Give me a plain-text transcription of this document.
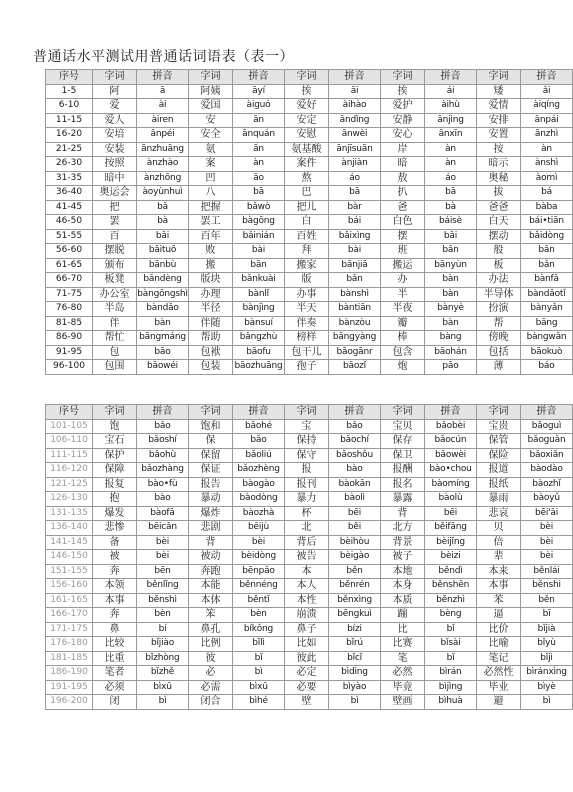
普通话水平测试用普通话词语表（表一）
序号	字词	拼音	字词	拼音	字词	拼音	字词	拼音	字词	拼音
1-5	阿	ā	阿姨	āyí	挨	āi	挨	ái	矮	ǎi
6-10	爱	ài	爱国	àiguó	爱好	àihào	爱护	àihù	爱情	àiqíng
11-15	爱人	àiren	安	ān	安定	āndìng	安静	ānjìng	安排	ānpái
16-20	安培	ānpéi	安全	ānquán	安慰	ānwèi	安心	ānxīn	安置	ānzhì
21-25	安装	ānzhuāng	氨	ān	氨基酸	ānjīsuān	岸	àn	按	àn
26-30	按照	ànzhào	案	àn	案件	ànjiàn	暗	àn	暗示	ànshì
31-35	暗中	ànzhōng	凹	āo	熬	áo	敖	áo	奥秘	àomì
36-40	奥运会	àoyùnhuì	八	bā	巴	bā	扒	bā	拔	bá
41-45	把	bǎ	把握	bǎwò	把儿	bàr	爸	bà	爸爸	bàba
46-50	罢	bà	罢工	bàgōng	白	bái	白色	báisè	白天	bái•tiān
51-55	百	bǎi	百年	bǎinián	百姓	bǎixìng	摆	bǎi	摆动	bǎidòng
56-60	摆脱	bǎituō	败	bài	拜	bài	班	bān	般	bān
61-65	颁布	bānbù	搬	bān	搬家	bānjiā	搬运	bānyùn	板	bǎn
66-70	板凳	bǎndèng	版块	bǎnkuài	版	bǎn	办	bàn	办法	bànfǎ
71-75	办公室	bàngōngshì	办理	bànlǐ	办事	bànshì	半	bàn	半导体	bàndǎotǐ
76-80	半岛	bàndǎo	半径	bànjìng	半天	bàntiān	半夜	bànyè	扮演	bànyǎn
81-85	伴	bàn	伴随	bànsuí	伴奏	bànzòu	瓣	bàn	帮	bāng
86-90	帮忙	bāngmáng	帮助	bāngzhù	榜样	bǎngyàng	棒	bàng	傍晚	bàngwǎn
91-95	包	bāo	包袱	bāofu	包干儿	bāogānr	包含	bāohán	包括	bāokuò
96-100	包围	bāowéi	包装	bāozhuāng	孢子	bāozǐ	炮	pāo	薄	báo
序号	字词	拼音	字词	拼音	字词	拼音	字词	拼音	字词	拼音
101-105	饱	bǎo	饱和	bǎohé	宝	bǎo	宝贝	bǎobèi	宝贵	bǎoguì
106-110	宝石	bǎoshí	保	bǎo	保持	bǎochí	保存	bǎocún	保管	bǎoguǎn
111-115	保护	bǎohù	保留	bǎoliú	保守	bǎoshǒu	保卫	bǎowèi	保险	bǎoxiǎn
116-120	保障	bǎozhàng	保证	bǎozhèng	报	bào	报酬	bào•chou	报道	bàodào
121-125	报复	bào•fù	报告	bàogào	报刊	bàokān	报名	bàomíng	报纸	bàozhǐ
126-130	抱	bào	暴动	bàodòng	暴力	bàolì	暴露	bàolù	暴雨	bàoyǔ
131-135	爆发	bàofā	爆炸	bàozhà	杯	bēi	背	bēi	悲哀	bēi'āi
136-140	悲惨	bēicǎn	悲剧	bēijù	北	běi	北方	běifāng	贝	bèi
141-145	备	bèi	背	bèi	背后	bèihòu	背景	bèijǐng	倍	bèi
146-150	被	bèi	被动	bèidòng	被告	bèigào	被子	bèizi	辈	bèi
151-155	奔	bēn	奔跑	bēnpǎo	本	běn	本地	běndì	本来	běnlái
156-160	本领	běnlǐng	本能	běnnéng	本人	běnrén	本身	běnshēn	本事	běnshi
161-165	本事	běnshì	本体	běntǐ	本性	běnxìng	本质	běnzhì	苯	běn
166-170	奔	bèn	笨	bèn	崩溃	bēngkuì	蹦	bèng	逼	bī
171-175	鼻	bí	鼻孔	bíkǒng	鼻子	bízi	比	bǐ	比价	bǐjià
176-180	比较	bǐjiào	比例	bǐlì	比如	bǐrú	比赛	bǐsài	比喻	bǐyù
181-185	比重	bǐzhòng	彼	bǐ	彼此	bǐcǐ	笔	bǐ	笔记	bǐjì
186-190	笔者	bǐzhě	必	bì	必定	bìdìng	必然	bìrán	必然性	bìránxìng
191-195	必须	bìxū	必需	bìxū	必要	bìyào	毕竟	bìjìng	毕业	bìyè
196-200	闭	bì	闭合	bìhé	壁	bì	壁画	bìhuà	避	bì
